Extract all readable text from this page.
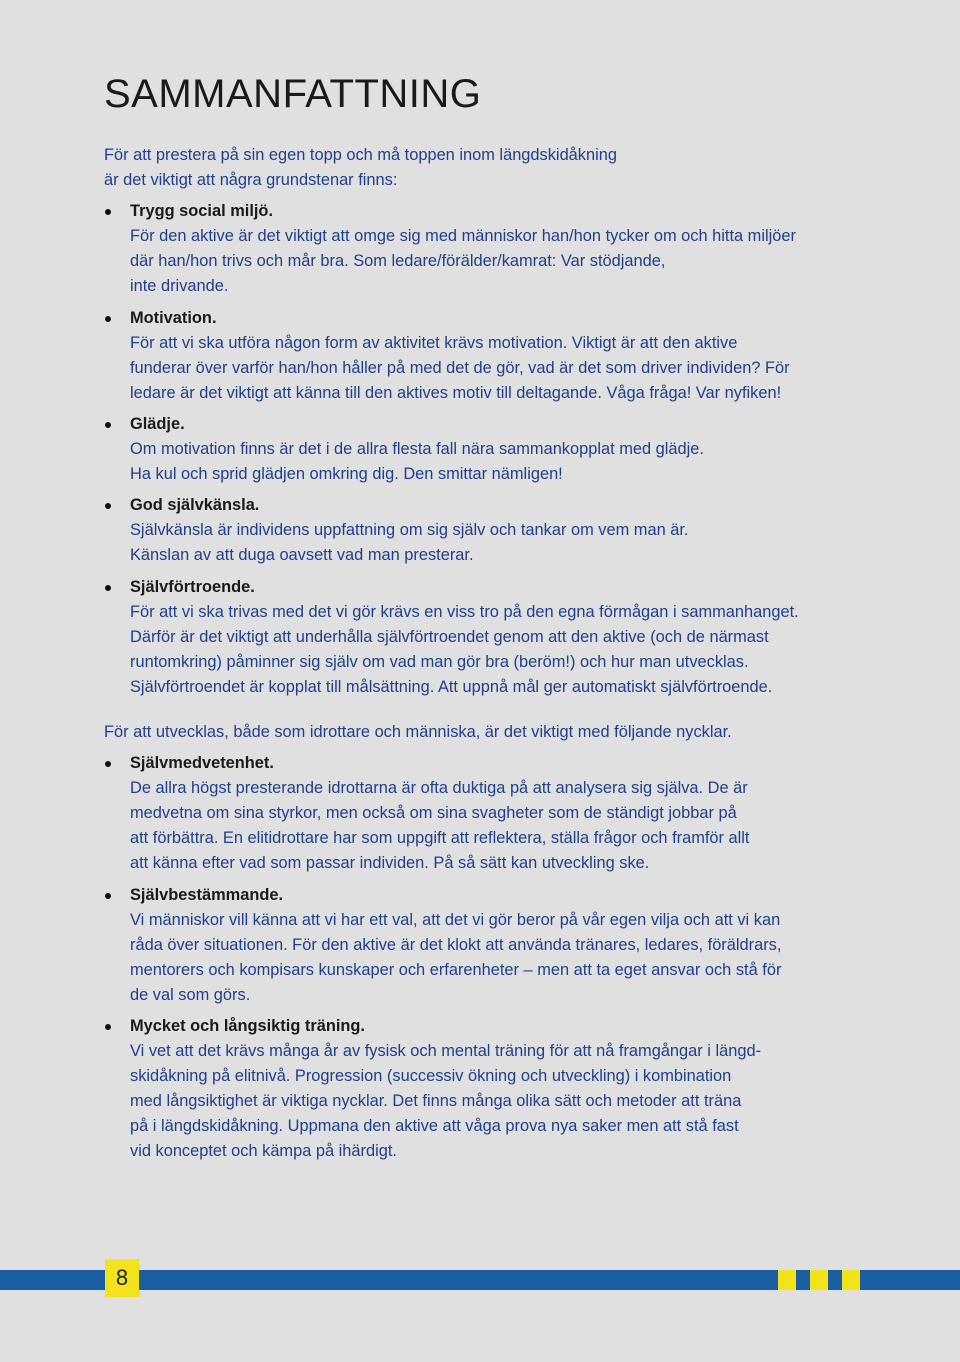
SAMMANFATTNING

För att prestera på sin egen topp och må toppen inom längdskidåkning
är det viktigt att några grundstenar finns:

Trygg social miljö.
För den aktive är det viktigt att omge sig med människor han/hon tycker om och hitta miljöer
där han/hon trivs och mår bra. Som ledare/förälder/kamrat: Var stödjande,
inte drivande.
Motivation.
För att vi ska utföra någon form av aktivitet krävs motivation. Viktigt är att den aktive
funderar över varför han/hon håller på med det de gör, vad är det som driver individen? För
ledare är det viktigt att känna till den aktives motiv till deltagande. Våga fråga! Var nyfiken!
Glädje.
Om motivation finns är det i de allra flesta fall nära sammankopplat med glädje.
Ha kul och sprid glädjen omkring dig. Den smittar nämligen!
God självkänsla.
Självkänsla är individens uppfattning om sig själv och tankar om vem man är.
Känslan av att duga oavsett vad man presterar.
Självförtroende.
För att vi ska trivas med det vi gör krävs en viss tro på den egna förmågan i sammanhanget.
Därför är det viktigt att underhålla självförtroendet genom att den aktive (och de närmast
runtomkring) påminner sig själv om vad man gör bra (beröm!) och hur man utvecklas.
Självförtroendet är kopplat till målsättning. Att uppnå mål ger automatiskt självförtroende.

För att utvecklas, både som idrottare och människa, är det viktigt med följande nycklar.

Självmedvetenhet.
De allra högst presterande idrottarna är ofta duktiga på att analysera sig själva. De är
medvetna om sina styrkor, men också om sina svagheter som de ständigt jobbar på
att förbättra. En elitidrottare har som uppgift att reflektera, ställa frågor och framför allt
att känna efter vad som passar individen. På så sätt kan utveckling ske.
Självbestämmande.
Vi människor vill känna att vi har ett val, att det vi gör beror på vår egen vilja och att vi kan
råda över situationen. För den aktive är det klokt att använda tränares, ledares, föräldrars,
mentorers och kompisars kunskaper och erfarenheter – men att ta eget ansvar och stå för
de val som görs.
Mycket och långsiktig träning.
Vi vet att det krävs många år av fysisk och mental träning för att nå framgångar i längd-
skidåkning på elitnivå. Progression (successiv ökning och utveckling) i kombination
med långsiktighet är viktiga nycklar. Det finns många olika sätt och metoder att träna
på i längdskidåkning. Uppmana den aktive att våga prova nya saker men att stå fast
vid konceptet och kämpa på ihärdigt.
8
